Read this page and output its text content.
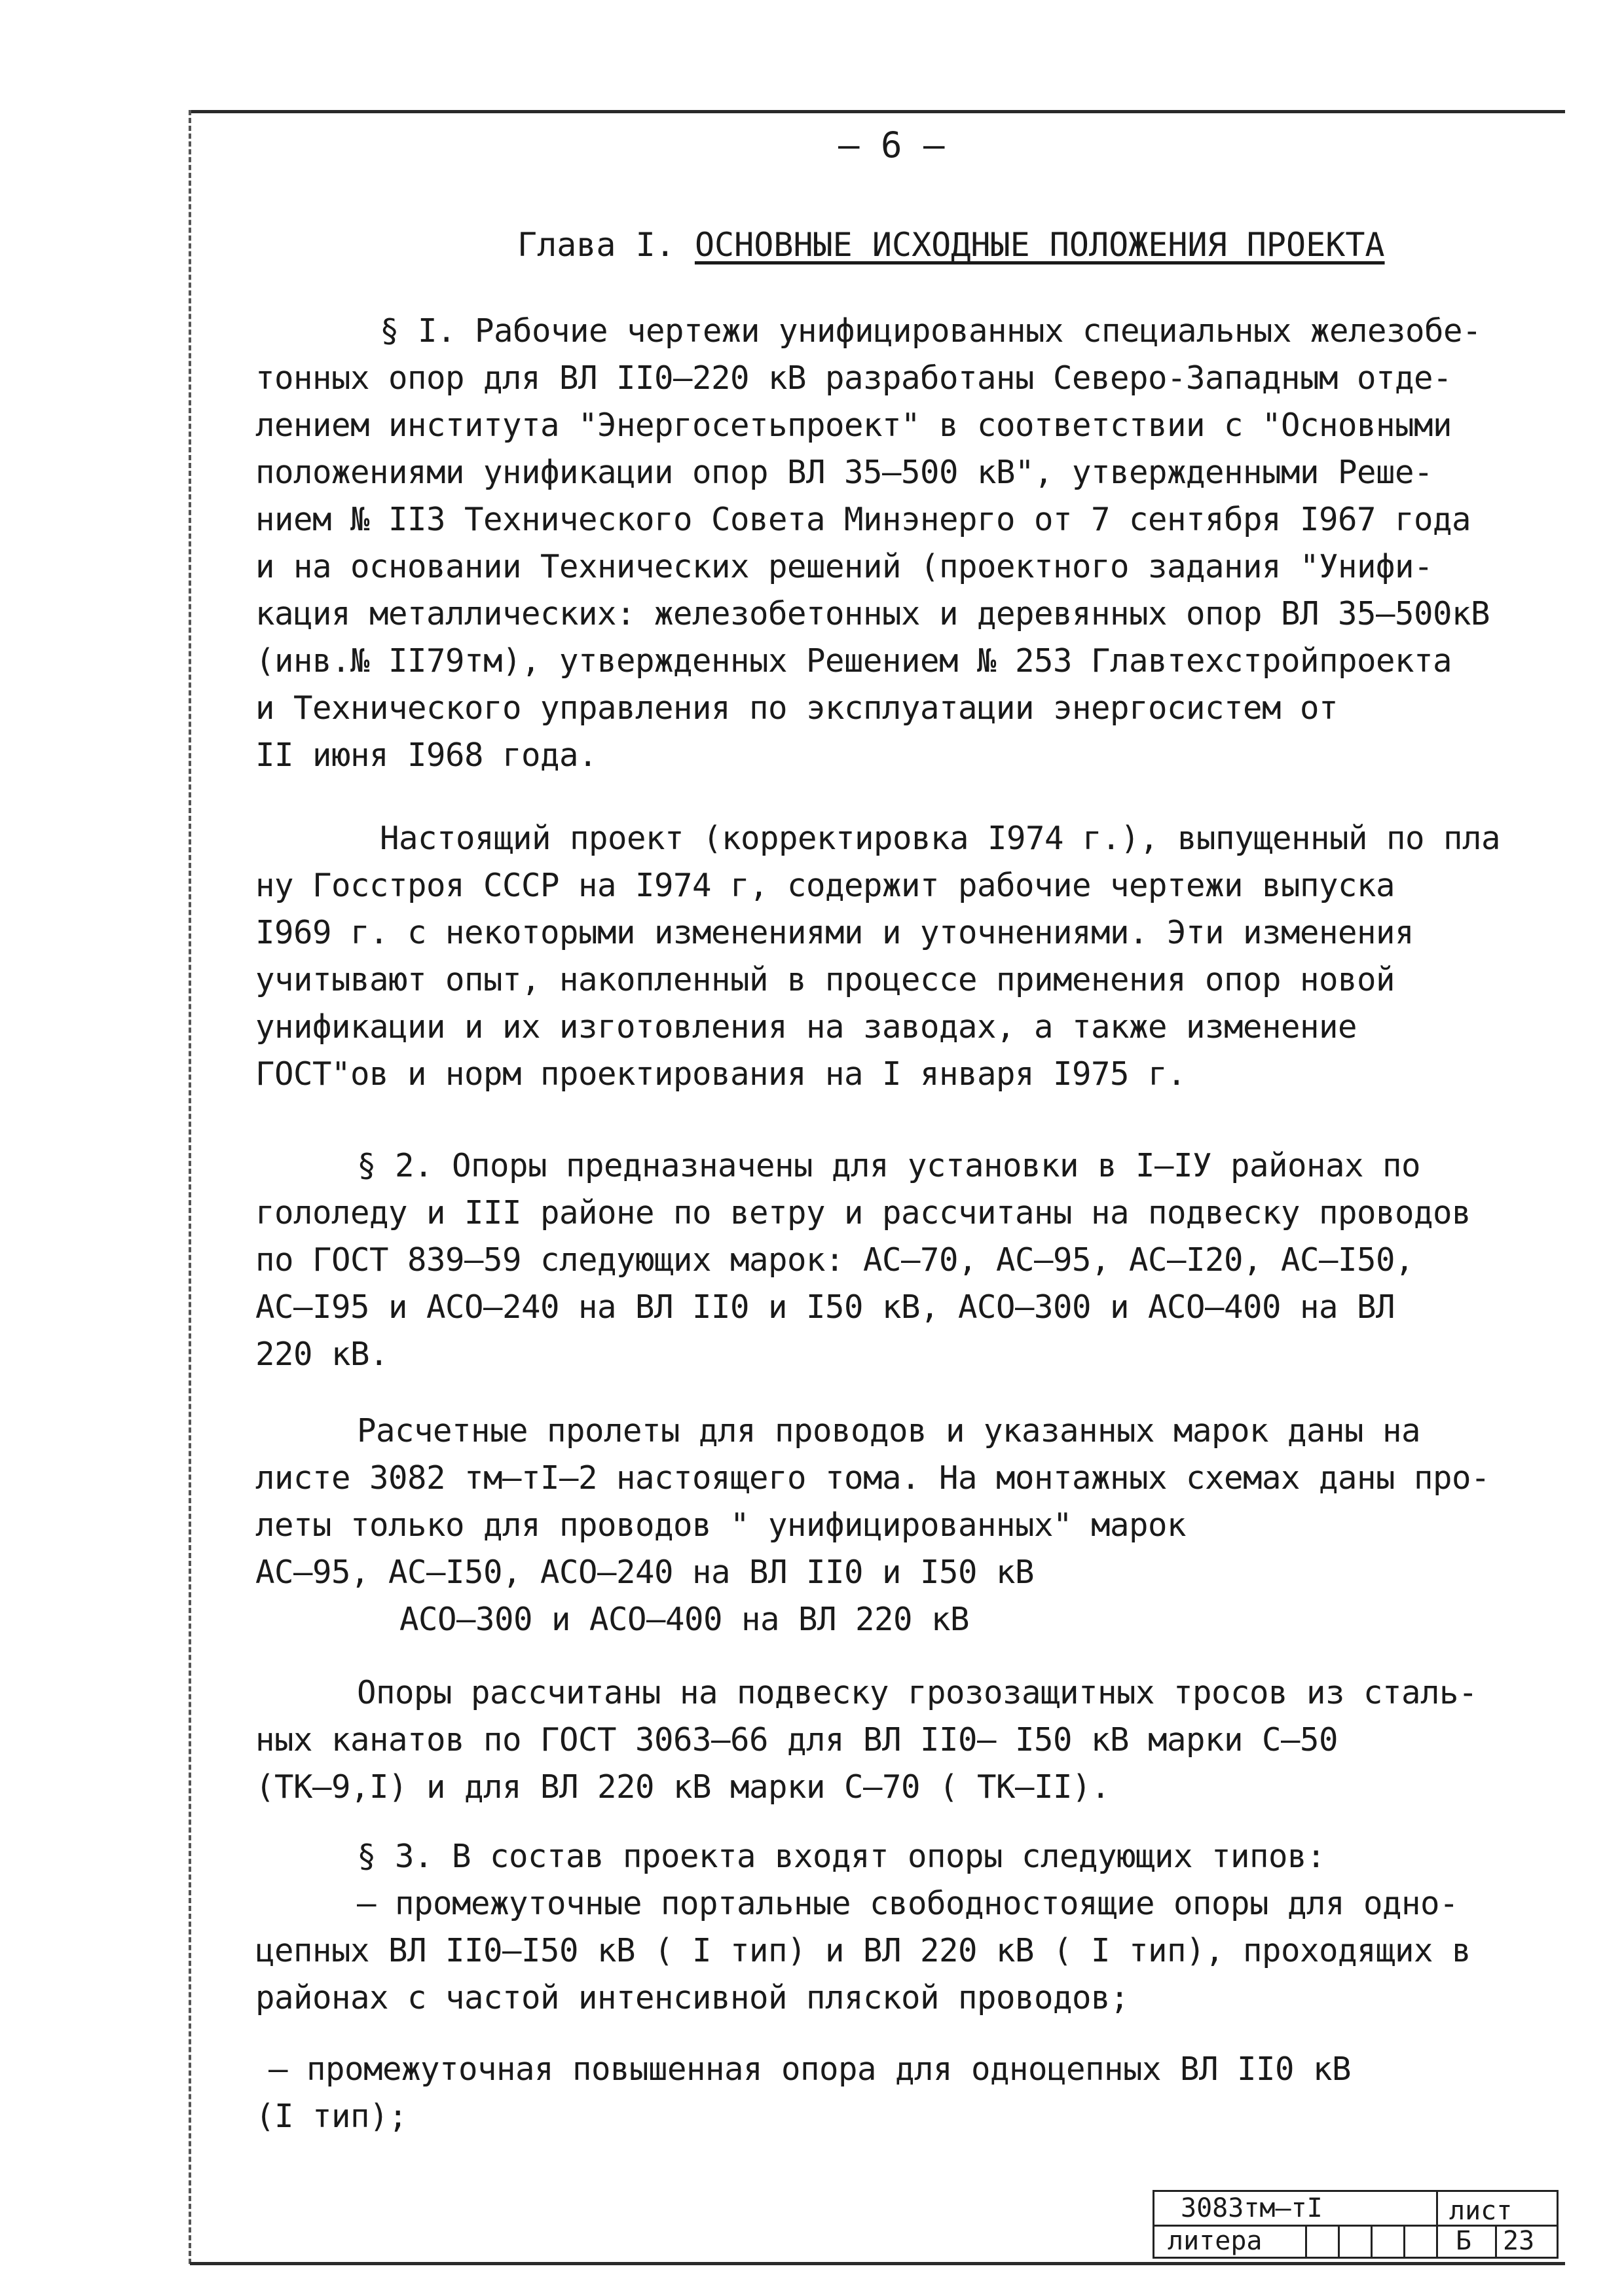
– 6 –
Глава I. ОСНОВНЫЕ ИСХОДНЫЕ ПОЛОЖЕНИЯ ПРОЕКТА
§ I. Рабочие чертежи унифицированных специальных железобе-
тонных опор для ВЛ II0–220 кВ разработаны Северо-Западным отде-
лением института "Энергосетьпроект" в соответствии с "Основными
положениями унификации опор ВЛ 35–500 кВ", утвержденными Реше-
нием № II3 Технического Совета Минэнерго от 7 сентября I967 года
и на основании Технических решений (проектного задания "Унифи-
кация металлических: железобетонных и деревянных опор ВЛ 35–500кВ
(инв.№ II79тм), утвержденных Решением № 253 Главтехстройпроекта
и Технического управления по эксплуатации энергосистем от
II июня I968 года.
Настоящий проект (корректировка I974 г.), выпущенный по пла
ну Госстроя СССР на I974 г, содержит рабочие чертежи выпуска
I969 г. с некоторыми изменениями и уточнениями. Эти изменения
учитывают опыт, накопленный в процессе применения опор новой
унификации и их изготовления на заводах, а также изменение
ГОСТ"ов и норм проектирования на I января I975 г.
§ 2. Опоры предназначены для установки в I–IУ районах по
гололеду и III районе по ветру и рассчитаны на подвеску проводов
по ГОСТ 839–59 следующих марок: АС–70, АС–95, АС–I20, АС–I50,
АС–I95 и АСО–240 на ВЛ II0 и I50 кВ, АСО–300 и АСО–400 на ВЛ
220 кВ.
Расчетные пролеты для проводов и указанных марок даны на
листе 3082 тм–тI–2 настоящего тома. На монтажных схемах даны про-
леты только для проводов " унифицированных" марок
АС–95, АС–I50, АСО–240 на ВЛ II0 и I50 кВ
АСО–300 и АСО–400 на ВЛ 220 кВ
Опоры рассчитаны на подвеску грозозащитных тросов из сталь-
ных канатов по ГОСТ 3063–66 для ВЛ II0– I50 кВ марки С–50
(ТК–9,I) и для ВЛ 220 кВ марки С–70 ( ТК–II).
§ 3. В состав проекта входят опоры следующих типов:
– промежуточные портальные свободностоящие опоры для одно-
цепных ВЛ II0–I50 кВ ( I тип) и ВЛ 220 кВ ( I тип), проходящих в
районах с частой интенсивной пляской проводов;
– промежуточная повышенная опора для одноцепных ВЛ II0 кВ
(I тип);
3083тм–тI	лист
литера	Б 23
